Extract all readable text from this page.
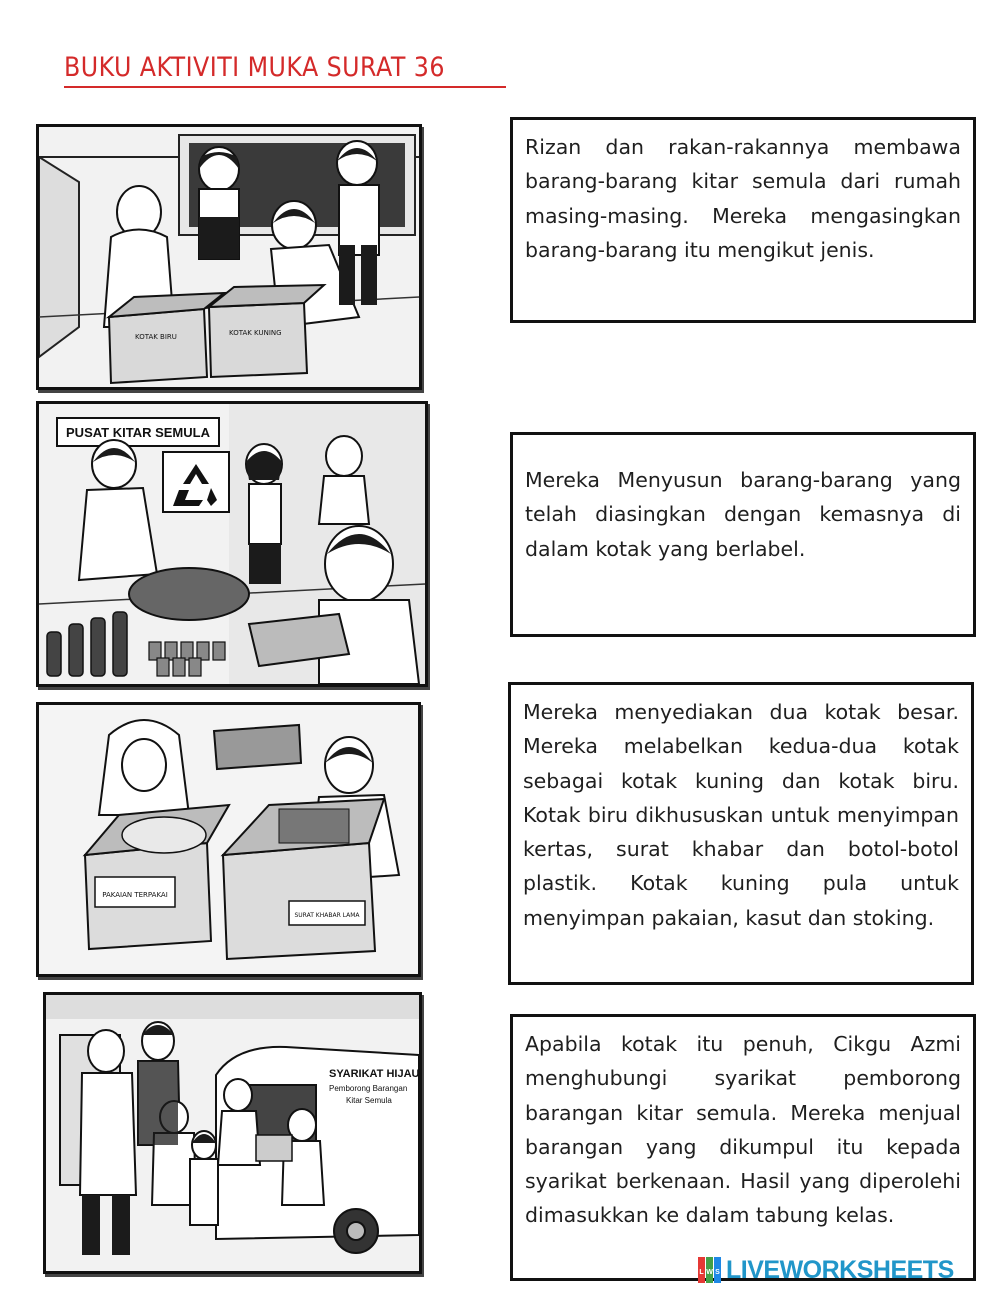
BUKU AKTIVITI MUKA SURAT 36
KOTAK BIRU	KOTAK KUNING
PUSAT KITAR SEMULA
PAKAIAN TERPAKAI
SURAT KHABAR LAMA
SYARIKAT HIJAU
Pemborong Barangan
Kitar Semula

Rizan dan rakan-rakannya membawa barang-barang kitar semula dari rumah masing-masing. Mereka mengasingkan barang-barang itu mengikut jenis.

Mereka Menyusun barang-barang yang telah diasingkan dengan kemasnya di dalam kotak yang berlabel.

Mereka menyediakan dua kotak besar. Mereka melabelkan kedua-dua kotak sebagai kotak kuning dan kotak biru. Kotak biru dikhususkan untuk menyimpan kertas, surat khabar dan botol-botol plastik. Kotak kuning pula untuk menyimpan pakaian, kasut dan stoking.

Apabila kotak itu penuh, Cikgu Azmi menghubungi syarikat pemborong barangan kitar semula. Mereka menjual barangan yang dikumpul itu kepada syarikat berkenaan. Hasil yang diperolehi dimasukkan ke dalam tabung kelas.

L W S LIVEWORKSHEETS
